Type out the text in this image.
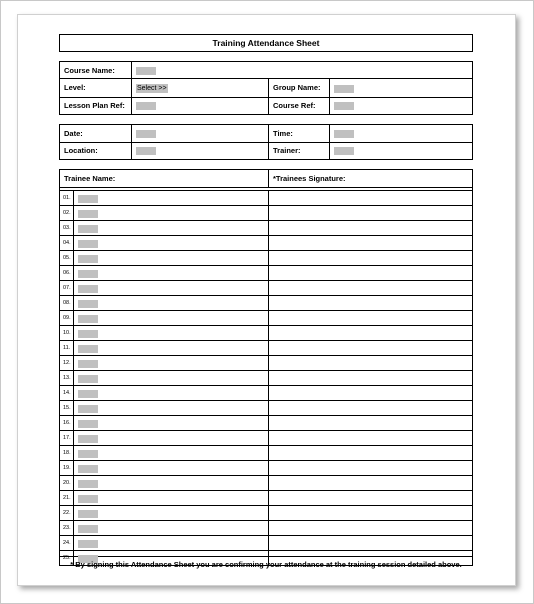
Training Attendance Sheet
Course Name:			
Level:	Select >>	Group Name:	
Lesson Plan Ref:		Course Ref:	
Date:		Time:	
Location:		Trainer:	
Trainee Name:		*Trainees Signature:

01.		
02.		
03.		
04.		
05.		
06.		
07.		
08.		
09.		
10.		
11.		
12.		
13.		
14.		
15.		
16.		
17.		
18.		
19.		
20.		
21.		
22.		
23.		
24.		
25.		
* By signing this Attendance Sheet you are confirming your attendance at the training session detailed above.
